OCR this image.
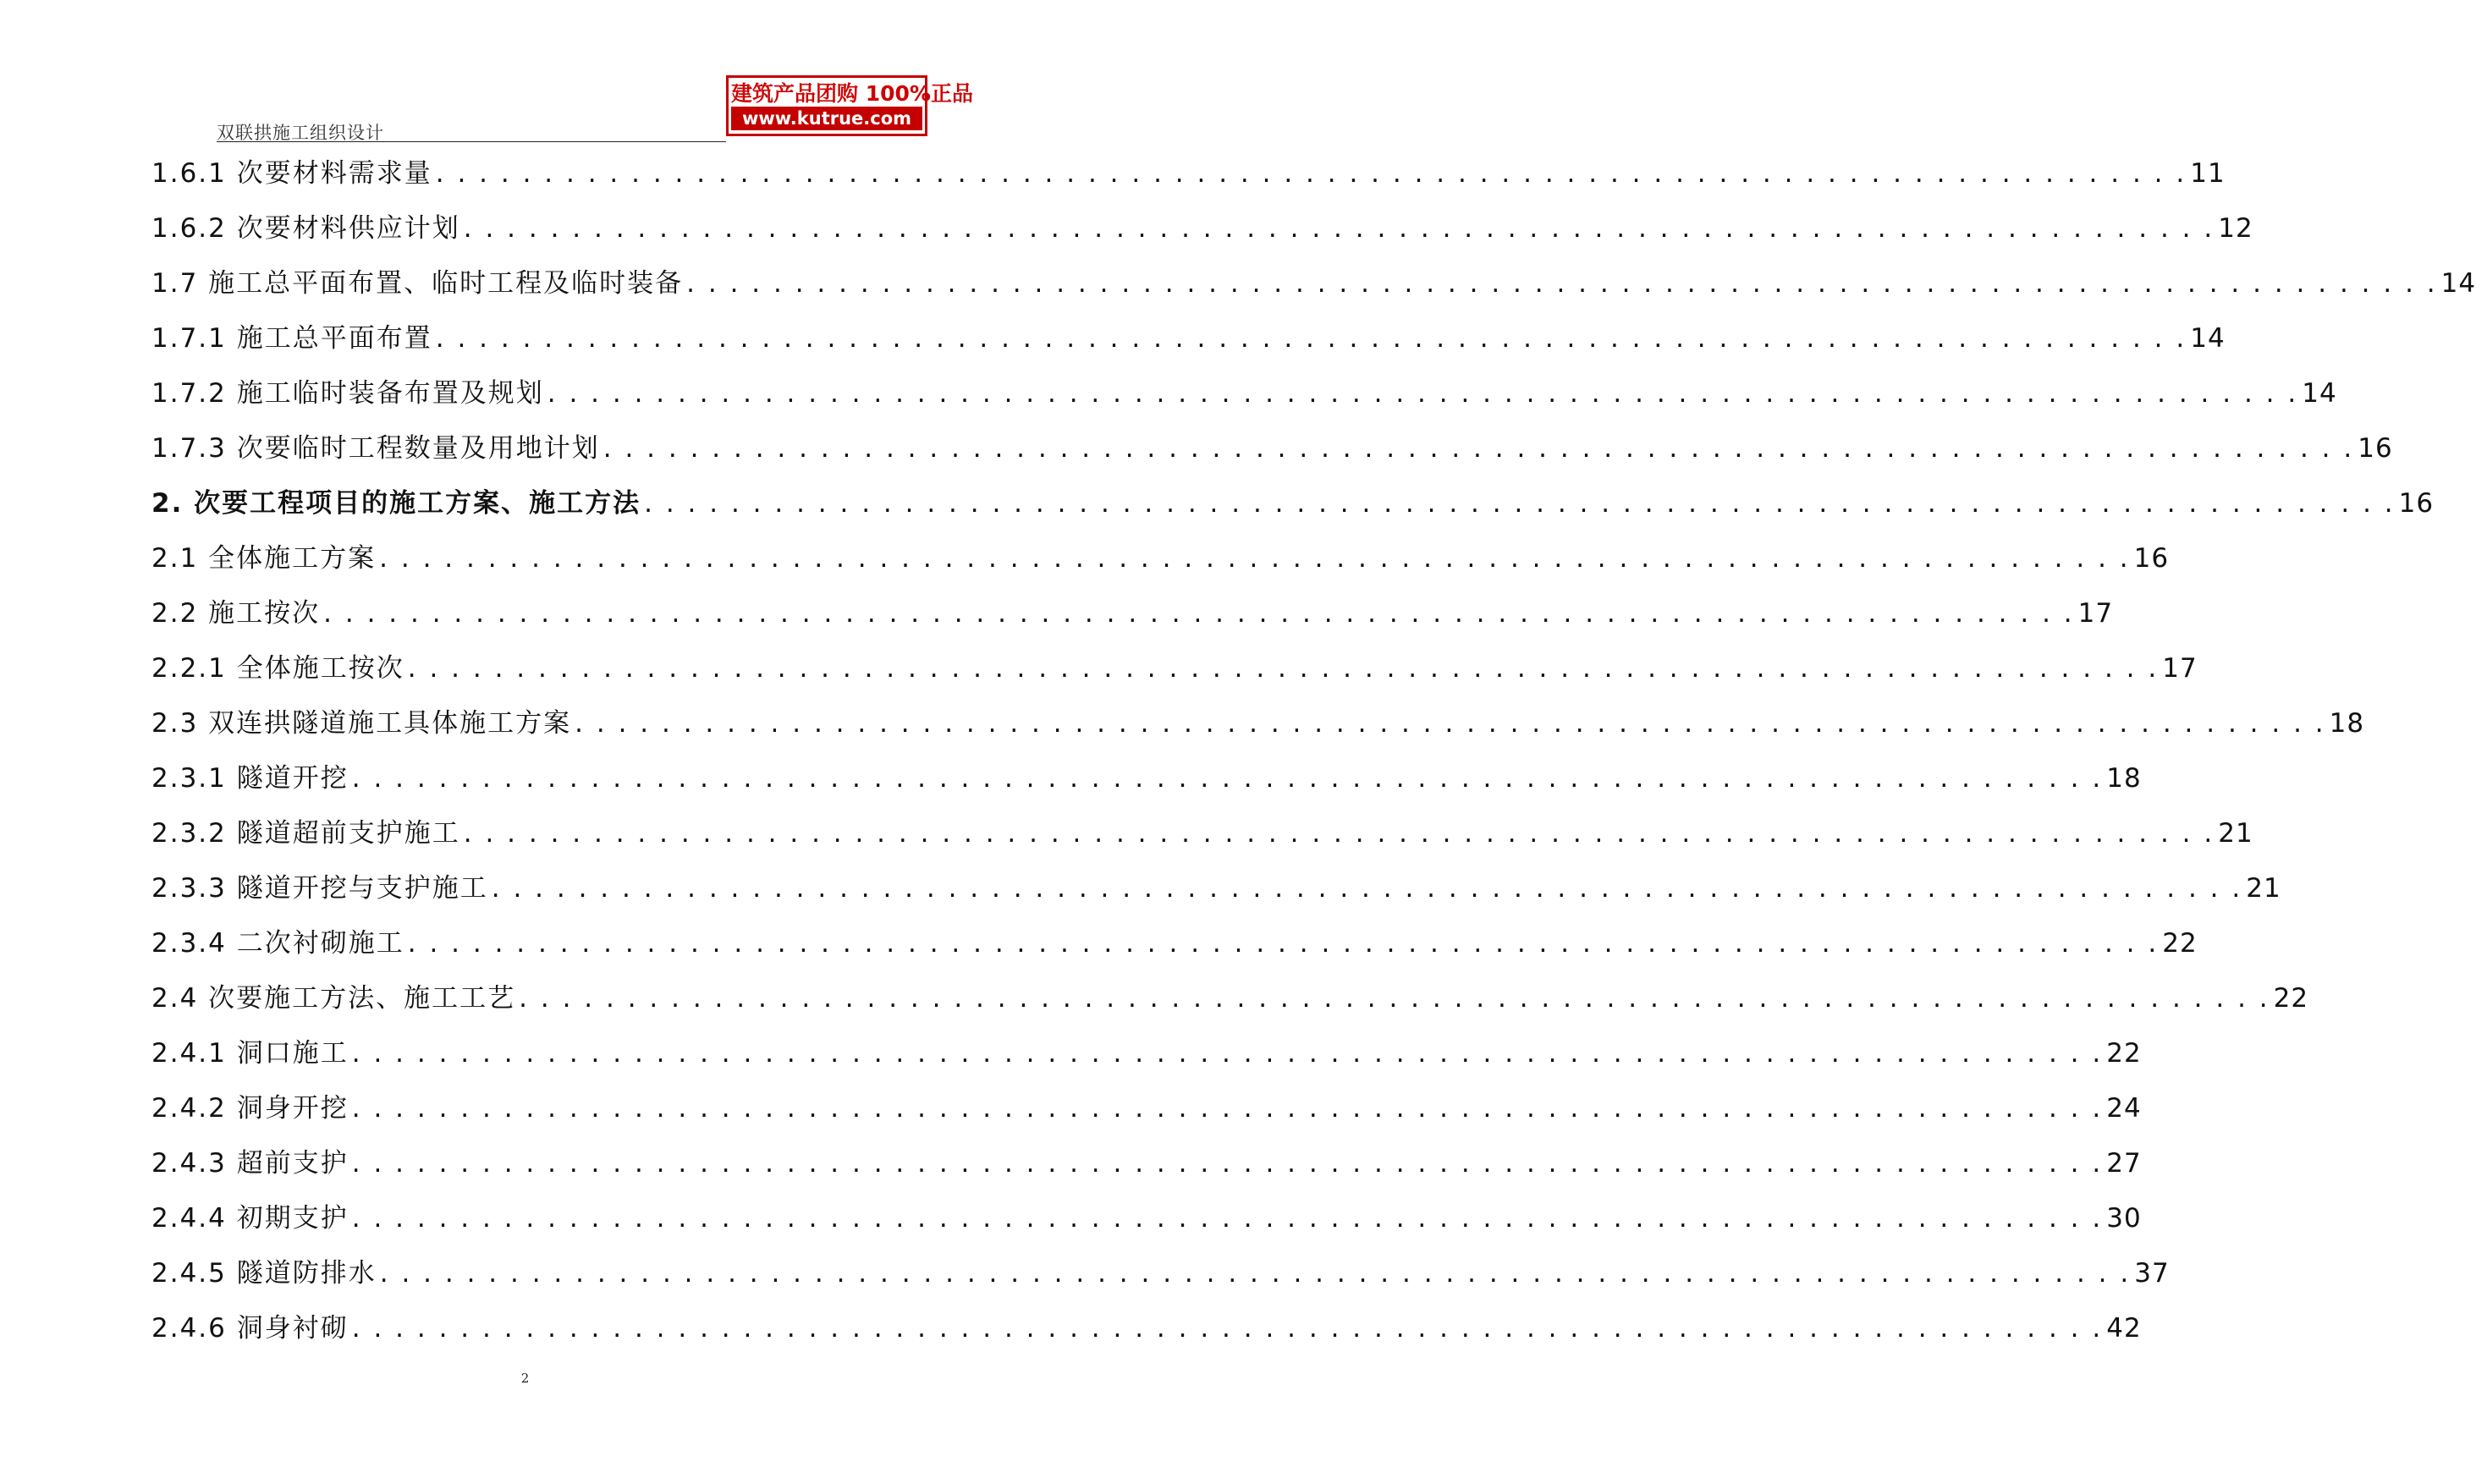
双联拱施工组织设计
建筑产品团购 100%正品
www.kutrue.com
1.6.1 次要材料需求量 . . .	11
1.6.2 次要材料供应计划 . . .	12
1.7 施工总平面布置、临时工程及临时装备 . . .	14
1.7.1 施工总平面布置 . . .	14
1.7.2 施工临时装备布置及规划 . . .	14
1.7.3 次要临时工程数量及用地计划 . . .	16
2. 次要工程项目的施工方案、施工方法 . . .	16
2.1 全体施工方案 . . .	16
2.2 施工按次 . . .	17
2.2.1 全体施工按次 . . .	17
2.3 双连拱隧道施工具体施工方案 . . .	18
2.3.1 隧道开挖 . . .	18
2.3.2 隧道超前支护施工 . . .	21
2.3.3 隧道开挖与支护施工 . . .	21
2.3.4 二次衬砌施工 . . .	22
2.4 次要施工方法、施工工艺 . . .	22
2.4.1 洞口施工 . . .	22
2.4.2 洞身开挖 . . .	24
2.4.3 超前支护 . . .	27
2.4.4 初期支护 . . .	30
2.4.5 隧道防排水 . . .	37
2.4.6 洞身衬砌 . . .	42
2
